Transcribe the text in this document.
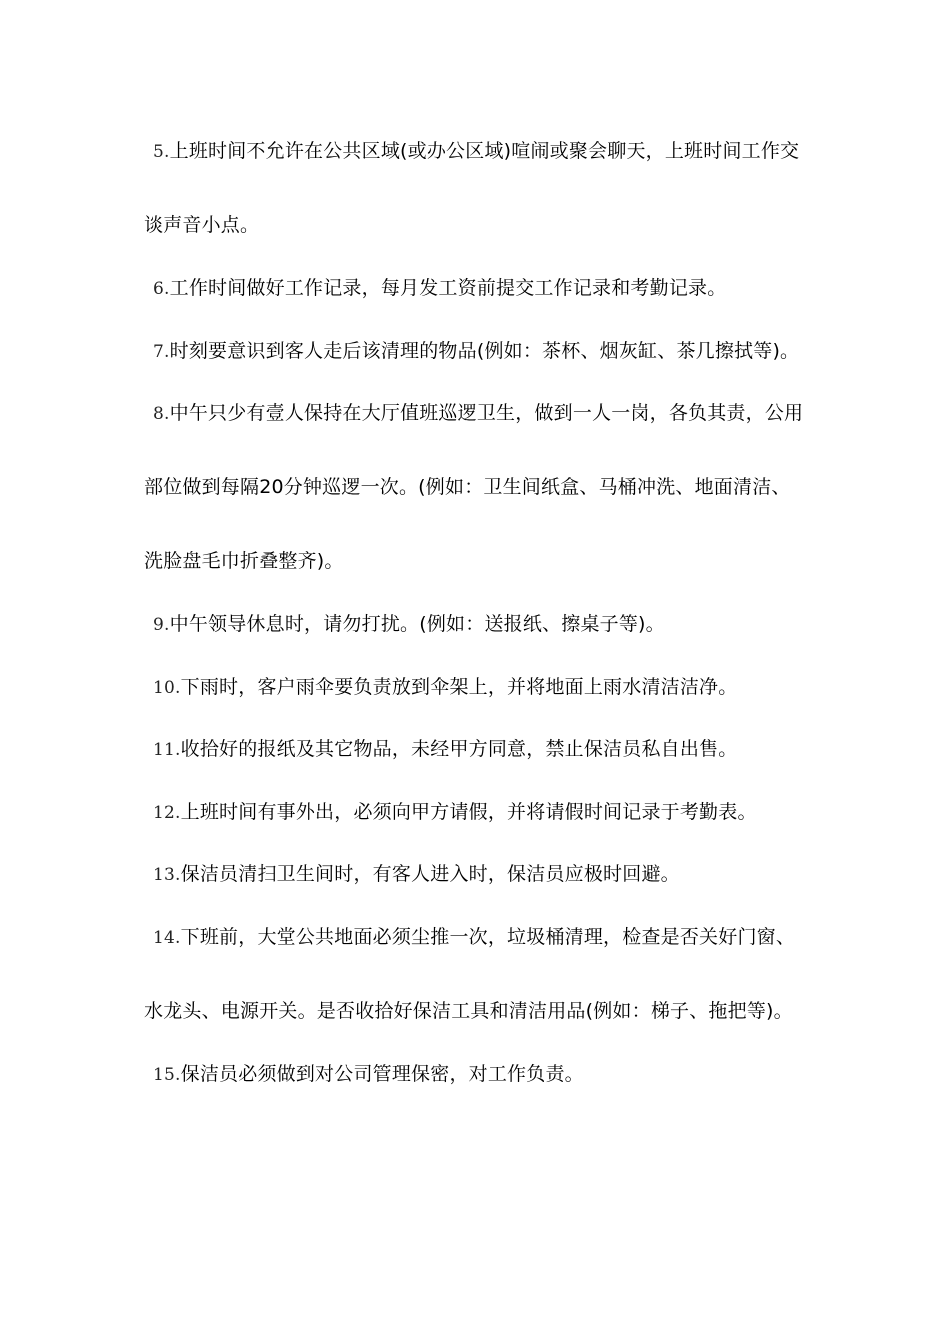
5.上班时间不允许在公共区域(或办公区域)喧闹或聚会聊天，上班时间工作交
谈声音小点。
6.工作时间做好工作记录，每月发工资前提交工作记录和考勤记录。
7.时刻要意识到客人走后该清理的物品(例如：茶杯、烟灰缸、茶几擦拭等)。
8.中午只少有壹人保持在大厅值班巡逻卫生，做到一人一岗，各负其责，公用
部位做到每隔20分钟巡逻一次。(例如：卫生间纸盒、马桶冲洗、地面清洁、
洗脸盘毛巾折叠整齐)。
9.中午领导休息时，请勿打扰。(例如：送报纸、擦桌子等)。
10.下雨时，客户雨伞要负责放到伞架上，并将地面上雨水清洁洁净。
11.收拾好的报纸及其它物品，未经甲方同意，禁止保洁员私自出售。
12.上班时间有事外出，必须向甲方请假，并将请假时间记录于考勤表。
13.保洁员清扫卫生间时，有客人进入时，保洁员应极时回避。
14.下班前，大堂公共地面必须尘推一次，垃圾桶清理，检查是否关好门窗、
水龙头、电源开关。是否收拾好保洁工具和清洁用品(例如：梯子、拖把等)。
15.保洁员必须做到对公司管理保密，对工作负责。
